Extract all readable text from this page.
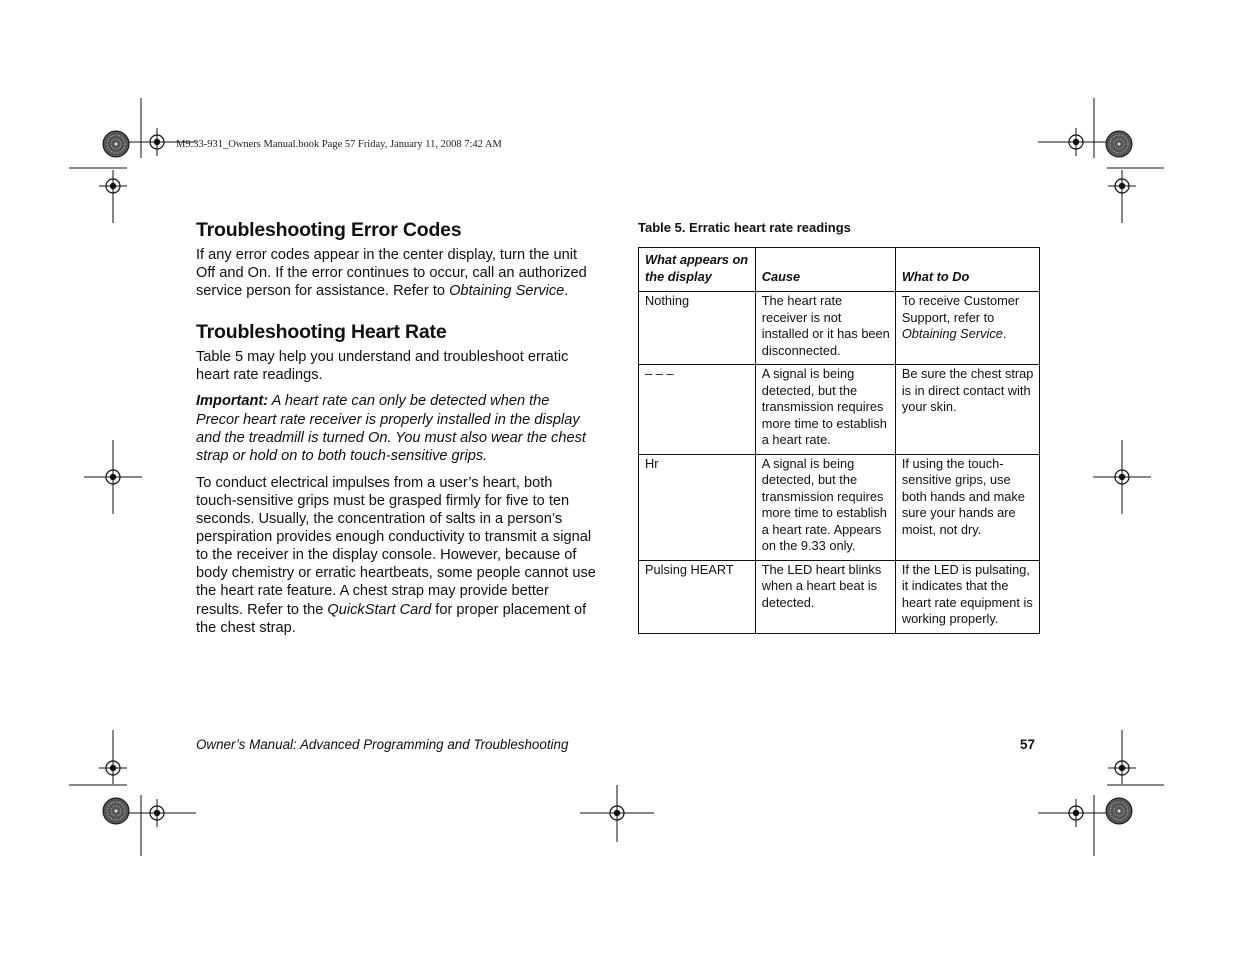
M9.33-931_Owners Manual.book Page 57 Friday, January 11, 2008 7:42 AM
Troubleshooting Error Codes

If any error codes appear in the center display, turn the unit Off and On. If the error continues to occur, call an authorized service person for assistance. Refer to Obtaining Service.

Troubleshooting Heart Rate

Table 5 may help you understand and troubleshoot erratic heart rate readings.

Important: A heart rate can only be detected when the Precor heart rate receiver is properly installed in the display and the treadmill is turned On. You must also wear the chest strap or hold on to both touch-sensitive grips.

To conduct electrical impulses from a user’s heart, both touch-sensitive grips must be grasped firmly for five to ten seconds. Usually, the concentration of salts in a person’s perspiration provides enough conductivity to transmit a signal to the receiver in the display console. However, because of body chemistry or erratic heartbeats, some people cannot use the heart rate feature. A chest strap may provide better results. Refer to the QuickStart Card for proper placement of the chest strap.

Table 5. Erratic heart rate readings
What appears on the display	Cause	What to Do
Nothing	The heart rate receiver is not installed or it has been disconnected.	To receive Customer Support, refer to Obtaining Service.
– – –	A signal is being detected, but the transmission requires more time to establish a heart rate.	Be sure the chest strap is in direct contact with your skin.
Hr	A signal is being detected, but the transmission requires more time to establish a heart rate. Appears on the 9.33 only.	If using the touch-sensitive grips, use both hands and make sure your hands are moist, not dry.
Pulsing HEART	The LED heart blinks when a heart beat is detected.	If the LED is pulsating, it indicates that the heart rate equipment is working properly.
Owner’s Manual: Advanced Programming and Troubleshooting	57
